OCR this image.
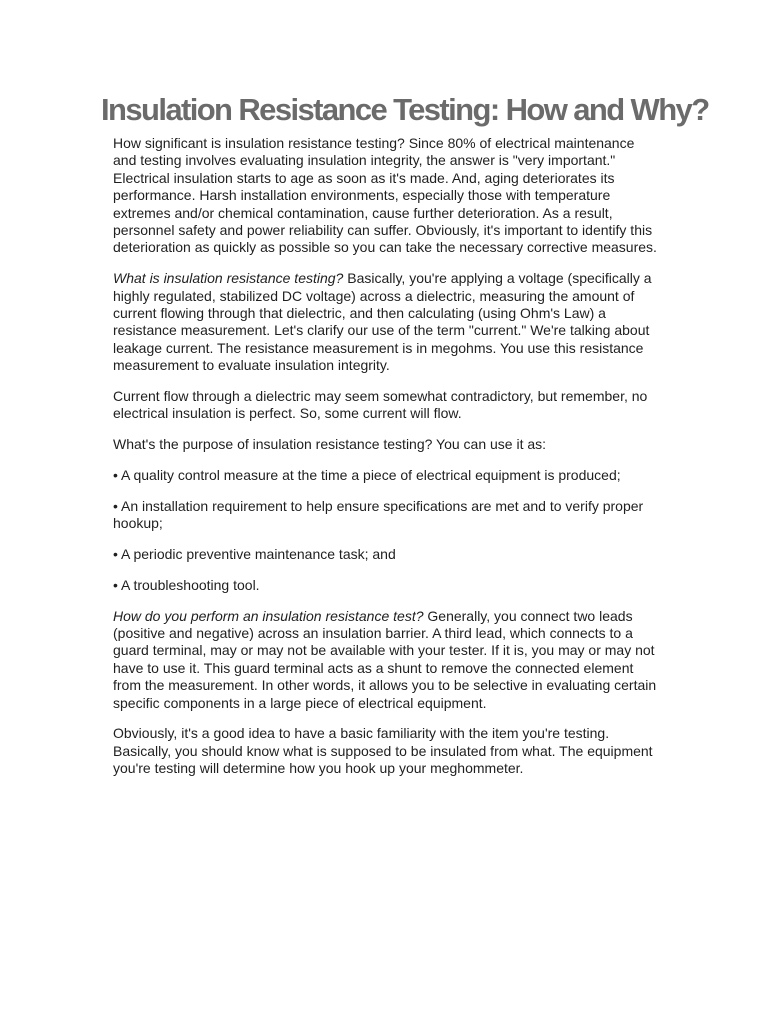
Insulation Resistance Testing: How and Why?

How significant is insulation resistance testing? Since 80% of electrical maintenance and testing involves evaluating insulation integrity, the answer is "very important." Electrical insulation starts to age as soon as it's made. And, aging deteriorates its performance. Harsh installation environments, especially those with temperature extremes and/or chemical contamination, cause further deterioration. As a result, personnel safety and power reliability can suffer. Obviously, it's important to identify this deterioration as quickly as possible so you can take the necessary corrective measures.

What is insulation resistance testing? Basically, you're applying a voltage (specifically a highly regulated, stabilized DC voltage) across a dielectric, measuring the amount of current flowing through that dielectric, and then calculating (using Ohm's Law) a resistance measurement. Let's clarify our use of the term "current." We're talking about leakage current. The resistance measurement is in megohms. You use this resistance measurement to evaluate insulation integrity.

Current flow through a dielectric may seem somewhat contradictory, but remember, no electrical insulation is perfect. So, some current will flow.

What's the purpose of insulation resistance testing? You can use it as:

• A quality control measure at the time a piece of electrical equipment is produced;

• An installation requirement to help ensure specifications are met and to verify proper hookup;

• A periodic preventive maintenance task; and

• A troubleshooting tool.

How do you perform an insulation resistance test? Generally, you connect two leads (positive and negative) across an insulation barrier. A third lead, which connects to a guard terminal, may or may not be available with your tester. If it is, you may or may not have to use it. This guard terminal acts as a shunt to remove the connected element from the measurement. In other words, it allows you to be selective in evaluating certain specific components in a large piece of electrical equipment.

Obviously, it's a good idea to have a basic familiarity with the item you're testing. Basically, you should know what is supposed to be insulated from what. The equipment you're testing will determine how you hook up your meghommeter.
